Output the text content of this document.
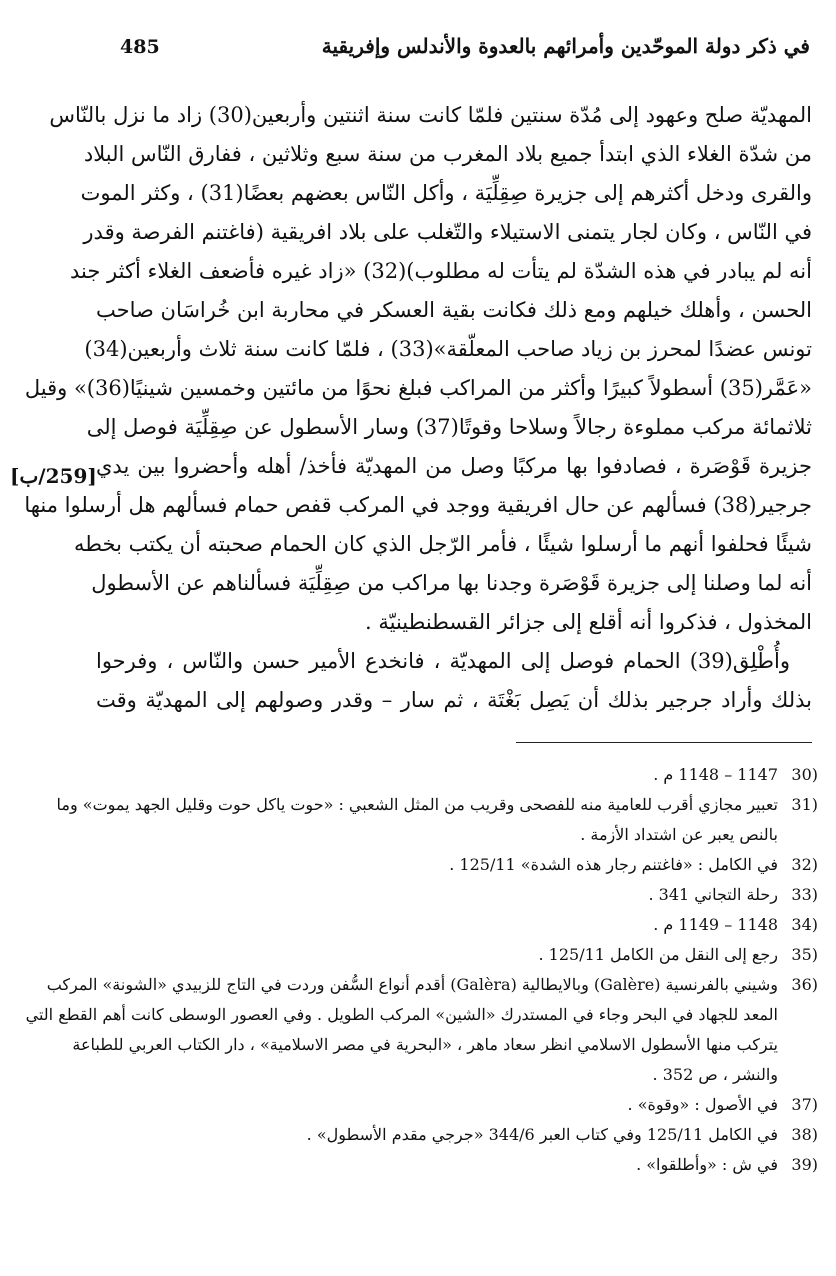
485	في ذكر دولة الموحّدين وأمرائهم بالعدوة والأندلس وإفريقية
المهديّة صلح وعهود إلى مُدّة سنتين فلمّا كانت سنة اثنتين وأربعين(30) زاد ما نزل بالنّاس
من شدّة الغلاء الذي ابتدأ جميع بلاد المغرب من سنة سبع وثلاثين ، ففارق النّاس البلاد
والقرى ودخل أكثرهم إلى جزيرة صِقِلِّيَة ، وأكل النّاس بعضهم بعضًا(31) ، وكثر الموت
في النّاس ، وكان لجار يتمنى الاستيلاء والتّغلب على بلاد افريقية (فاغتنم الفرصة وقدر
أنه لم يبادر في هذه الشدّة لم يتأت له مطلوب)(32) «زاد غيره فأضعف الغلاء أكثر جند
الحسن ، وأهلك خيلهم ومع ذلك فكانت بقية العسكر في محاربة ابن خُراسَان صاحب
تونس عضدًا لمحرز بن زياد صاحب المعلّقة»(33) ، فلمّا كانت سنة ثلاث وأربعين(34)
«عَمَّر(35) أسطولاً كبيرًا وأكثر من المراكب فبلغ نحوًا من مائتين وخمسين شينيًا(36)» وقيل
ثلاثمائة مركب مملوءة رجالاً وسلاحا وقوتًا(37) وسار الأسطول عن صِقِلِّيَة فوصل إلى
جزيرة قَوْصَرة ، فصادفوا بها مركبًا وصل من المهديّة فأخذ/ أهله وأحضروا بين يدي
جرجير(38) فسألهم عن حال افريقية ووجد في المركب قفص حمام فسألهم هل أرسلوا منها
شيئًا فحلفوا أنهم ما أرسلوا شيئًا ، فأمر الرّجل الذي كان الحمام صحبته أن يكتب بخطه
أنه لما وصلنا إلى جزيرة قَوْصَرة وجدنا بها مراكب من صِقِلِّيَة فسألناهم عن الأسطول
المخذول ، فذكروا أنه أقلع إلى جزائر القسطنطينيّة .
وأُطْلِق(39) الحمام فوصل إلى المهديّة ، فانخدع الأمير حسن والنّاس ، وفرحوا
بذلك وأراد جرجير بذلك أن يَصِل بَغْتَة ، ثم سار – وقدر وصولهم إلى المهديّة وقت
[259/ب]
(30
1147 – 1148 م .
(31
تعبير مجازي أقرب للعامية منه للفصحى وقريب من المثل الشعبي : «حوت ياكل حوت وقليل الجهد يموت» وما
بالنص يعبر عن اشتداد الأزمة .
(32
في الكامل : «فاغتنم رجار هذه الشدة» 125/11 .
(33
رحلة التجاني 341 .
(34
1148 – 1149 م .
(35
رجع إلى النقل من الكامل 125/11 .
(36
وشيني بالفرنسية (Galère) وبالايطالية (Galèra) أقدم أنواع السُّفن وردت في التاج للزبيدي «الشونة» المركب
المعد للجهاد في البحر وجاء في المستدرك «الشين» المركب الطويل . وفي العصور الوسطى كانت أهم القطع التي
يتركب منها الأسطول الاسلامي انظر سعاد ماهر ، «البحرية في مصر الاسلامية» ، دار الكتاب العربي للطباعة
والنشر ، ص 352 .
(37
في الأصول : «وقوة» .
(38
في الكامل 125/11 وفي كتاب العبر 344/6 «جرجي مقدم الأسطول» .
(39
في ش : «وأطلقوا» .
